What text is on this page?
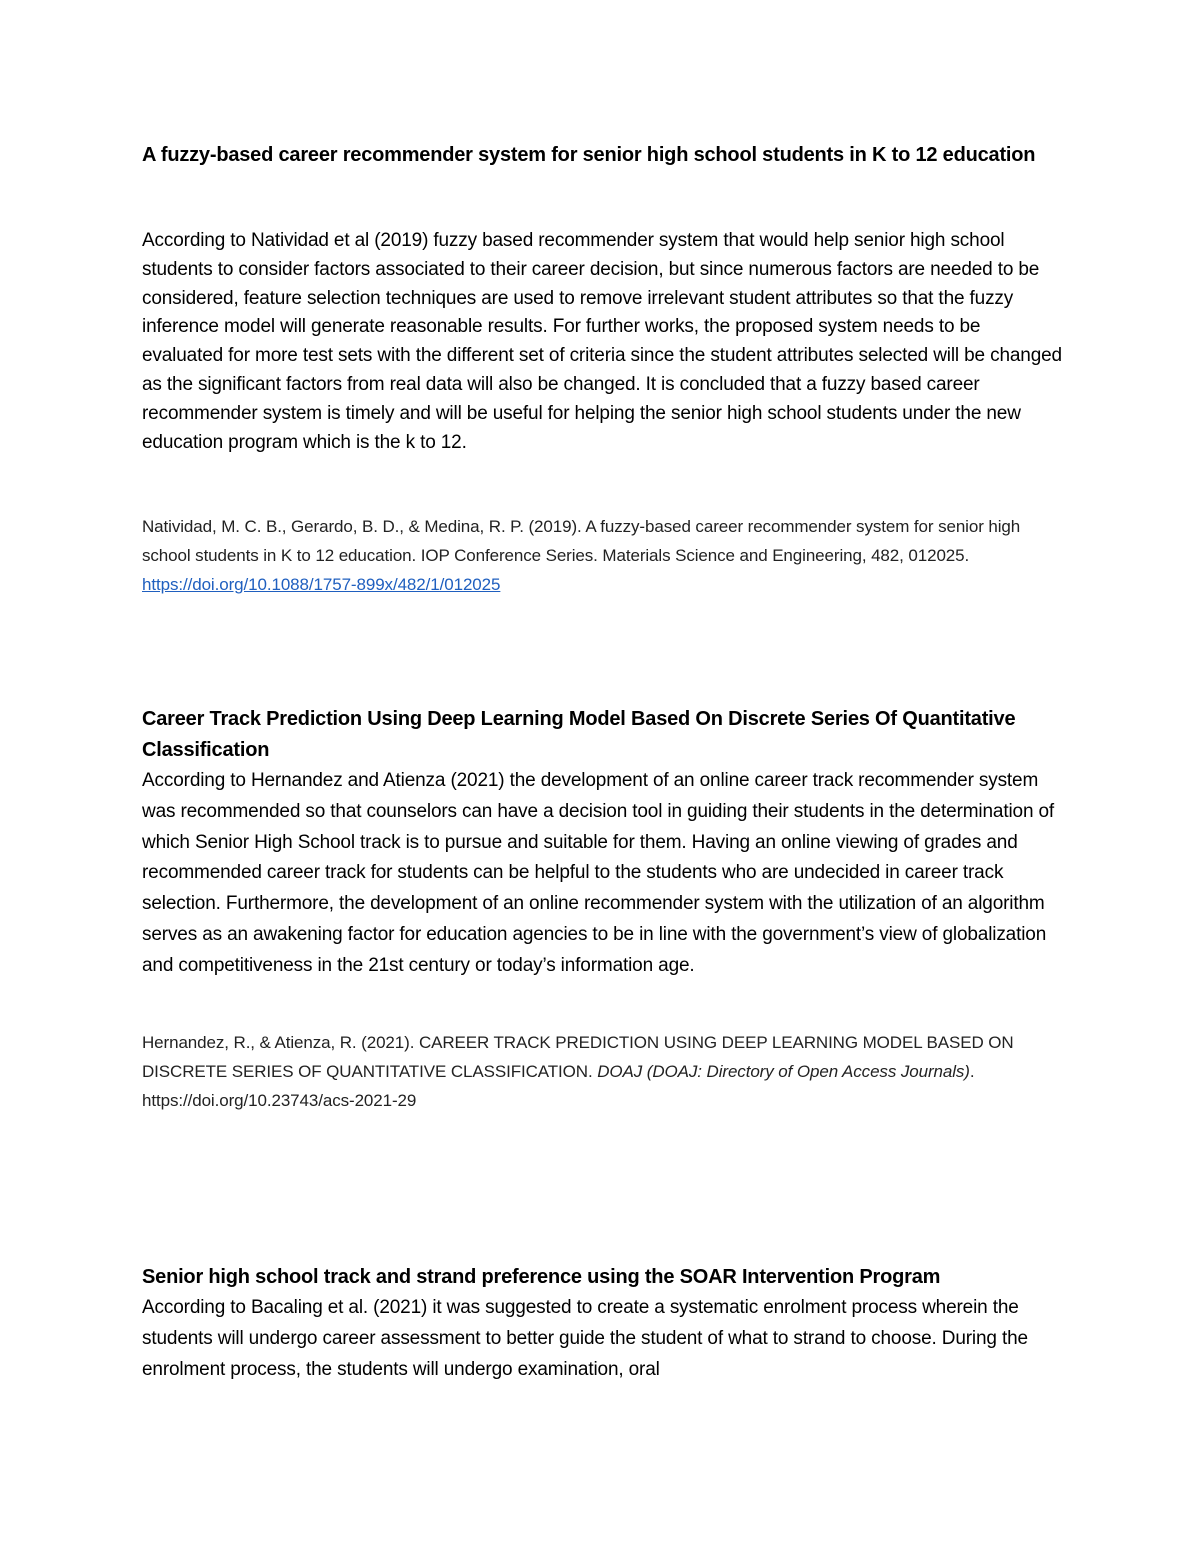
A fuzzy-based career recommender system for senior high school students in K to 12 education

According to Natividad et al (2019) fuzzy based recommender system that would help senior high school students to consider factors associated to their career decision, but since numerous factors are needed to be considered, feature selection techniques are used to remove irrelevant student attributes so that the fuzzy inference model will generate reasonable results. For further works, the proposed system needs to be evaluated for more test sets with the different set of criteria since the student attributes selected will be changed as the significant factors from real data will also be changed. It is concluded that a fuzzy based career recommender system is timely and will be useful for helping the senior high school students under the new education program which is the k to 12.

Natividad, M. C. B., Gerardo, B. D., & Medina, R. P. (2019). A fuzzy-based career recommender system for senior high school students in K to 12 education. IOP Conference Series. Materials Science and Engineering, 482, 012025. https://doi.org/10.1088/1757-899x/482/1/012025

Career Track Prediction Using Deep Learning Model Based On Discrete Series Of Quantitative Classification

According to Hernandez and Atienza (2021) the development of an online career track recommender system was recommended so that counselors can have a decision tool in guiding their students in the determination of which Senior High School track is to pursue and suitable for them. Having an online viewing of grades and recommended career track for students can be helpful to the students who are undecided in career track selection. Furthermore, the development of an online recommender system with the utilization of an algorithm serves as an awakening factor for education agencies to be in line with the government’s view of globalization and competitiveness in the 21st century or today’s information age.

Hernandez, R., & Atienza, R. (2021). CAREER TRACK PREDICTION USING DEEP LEARNING MODEL BASED ON DISCRETE SERIES OF QUANTITATIVE CLASSIFICATION. DOAJ (DOAJ: Directory of Open Access Journals). https://doi.org/10.23743/acs-2021-29

Senior high school track and strand preference using the SOAR Intervention Program

According to Bacaling et al. (2021) it was suggested to create a systematic enrolment process wherein the students will undergo career assessment to better guide the student of what to strand to choose. During the enrolment process, the students will undergo examination, oral
